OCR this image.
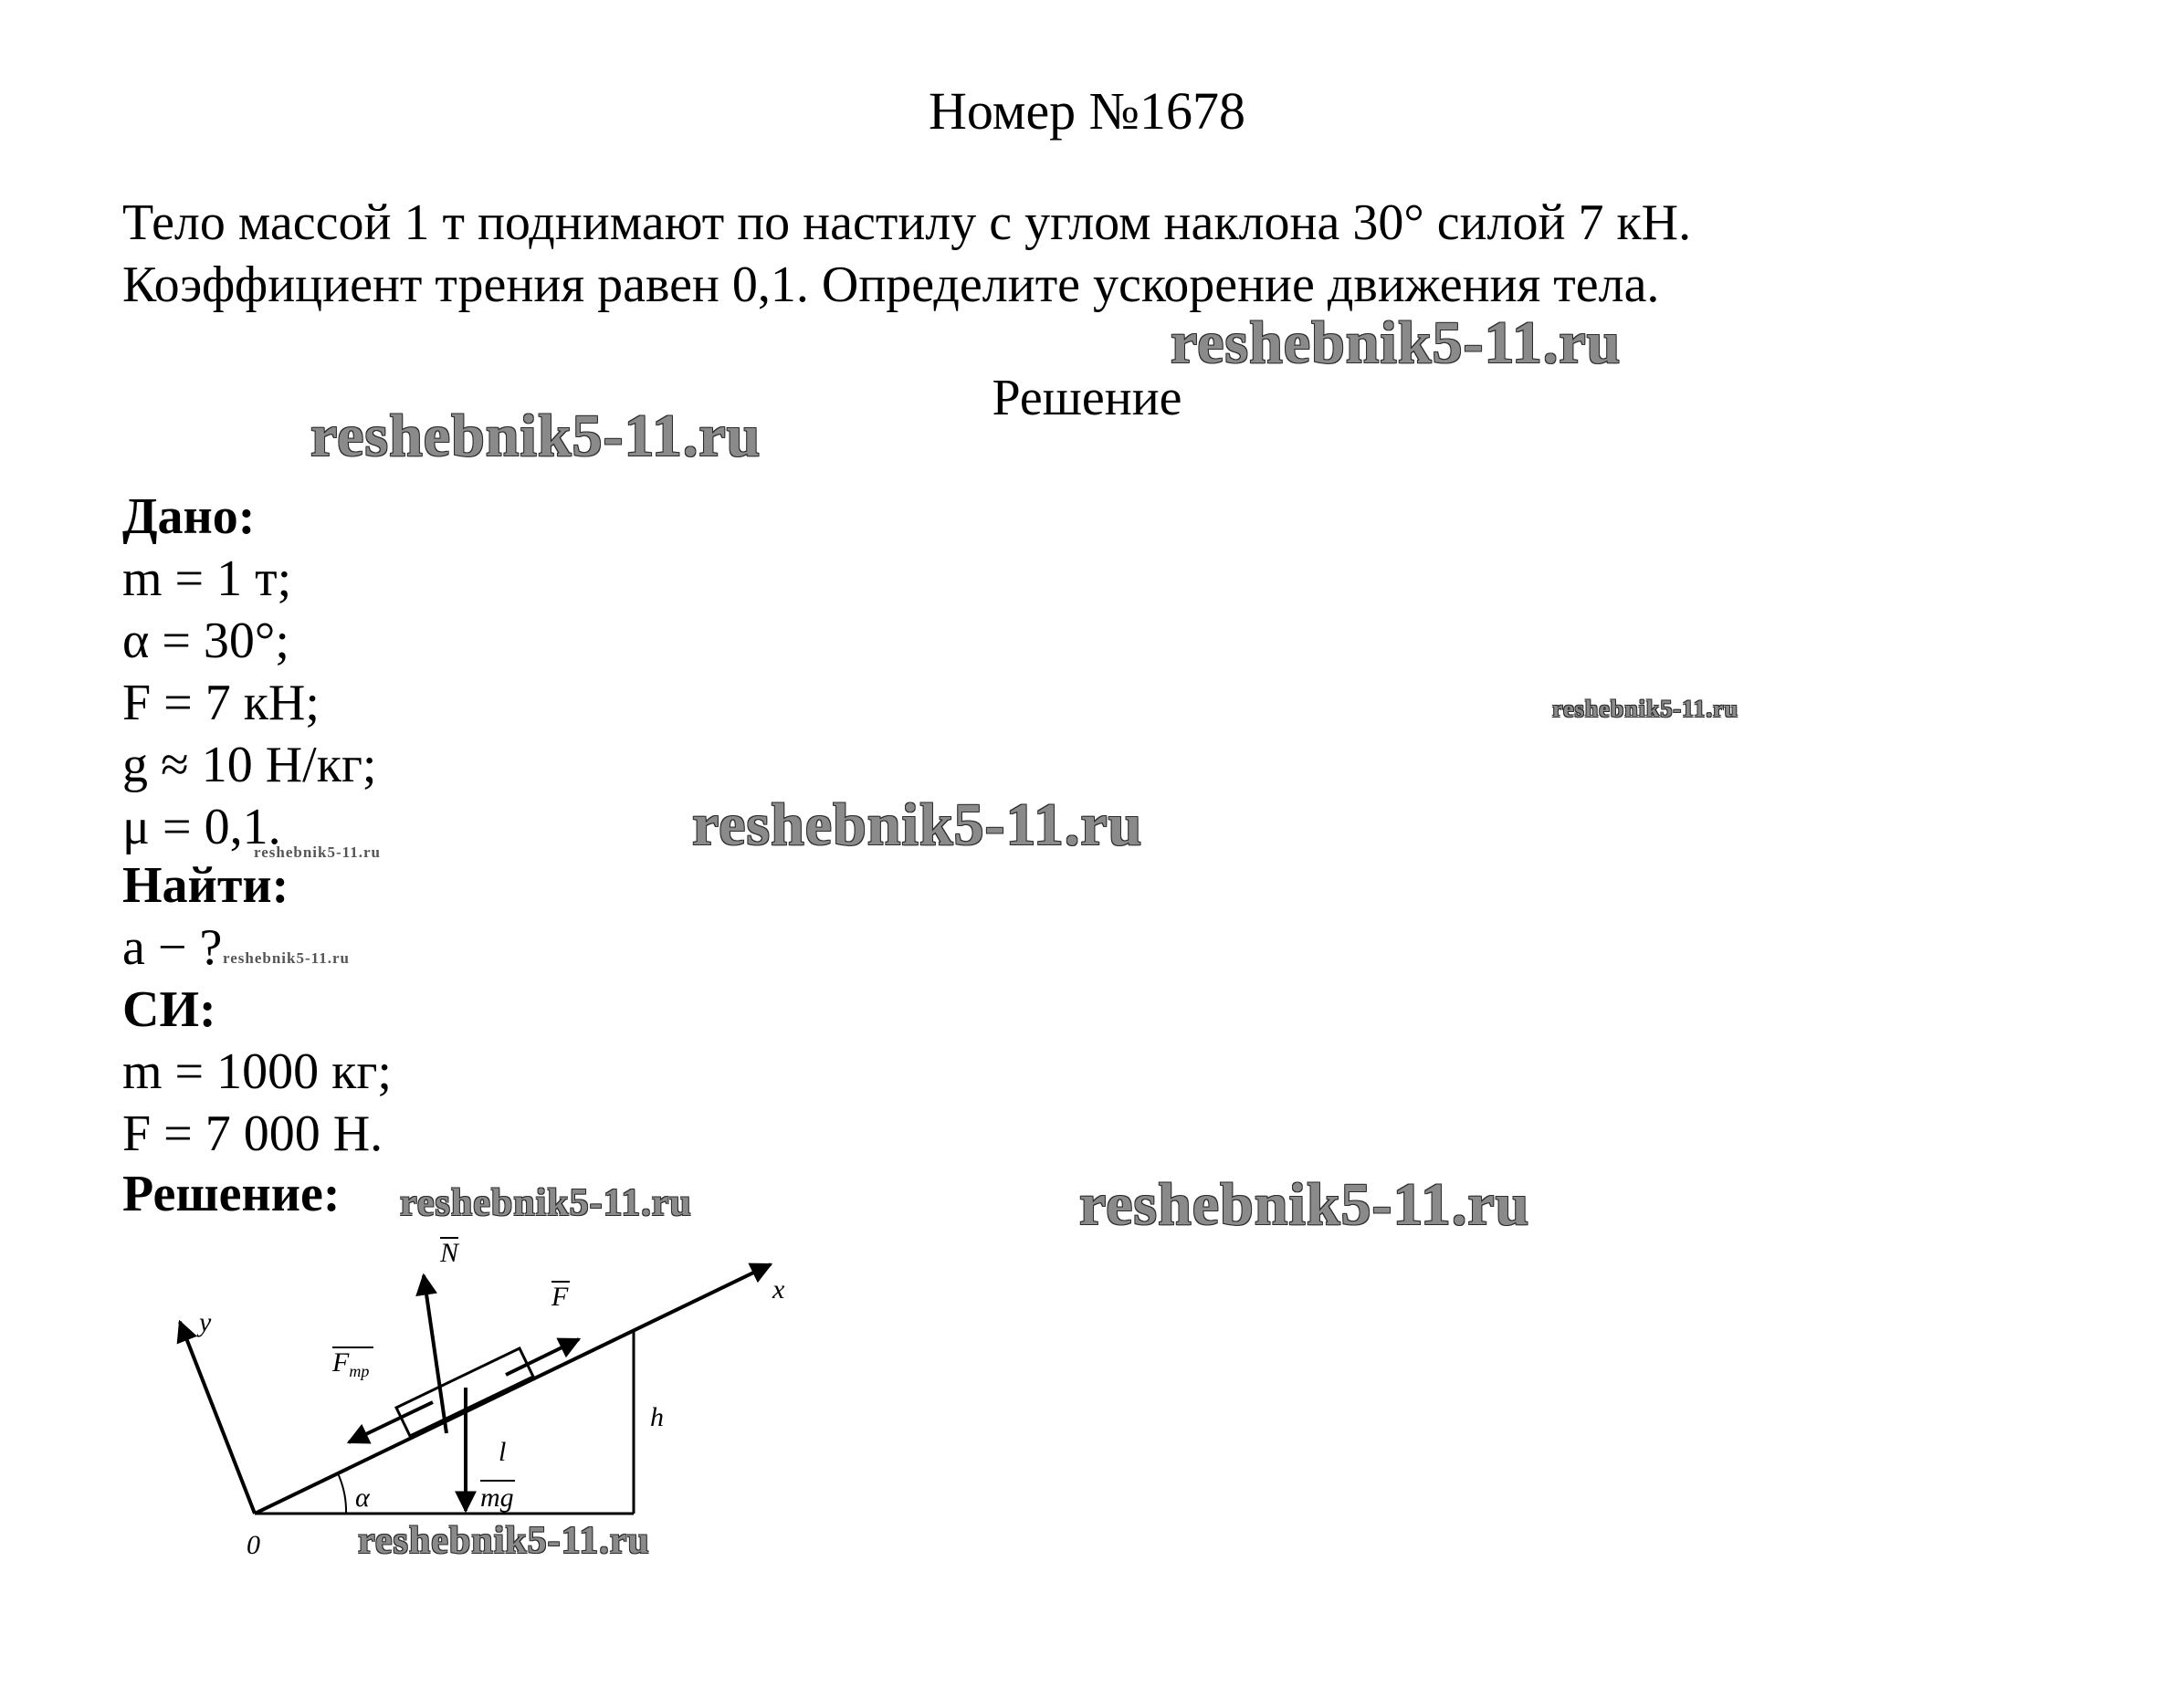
Номер №1678
Тело массой 1 т поднимают по настилу с углом наклона 30° силой 7 кН.
Коэффициент трения равен 0,1. Определите ускорение движения тела.
reshebnik5-11.ru
Решение
reshebnik5-11.ru
Дано:
m = 1 т;
α = 30°;
F = 7 кН;
g ≈ 10 Н/кг;
μ = 0,1.
reshebnik5-11.ru
reshebnik5-11.ru
reshebnik5-11.ru
Найти:
a − ? reshebnik5-11.ru
СИ:
m = 1000 кг;
F = 7 000 Н.
Решение: reshebnik5-11.ru	reshebnik5-11.ru
N
F
$F_{тр}$
l
h
mg
α
x
y
0	reshebnik5-11.ru
